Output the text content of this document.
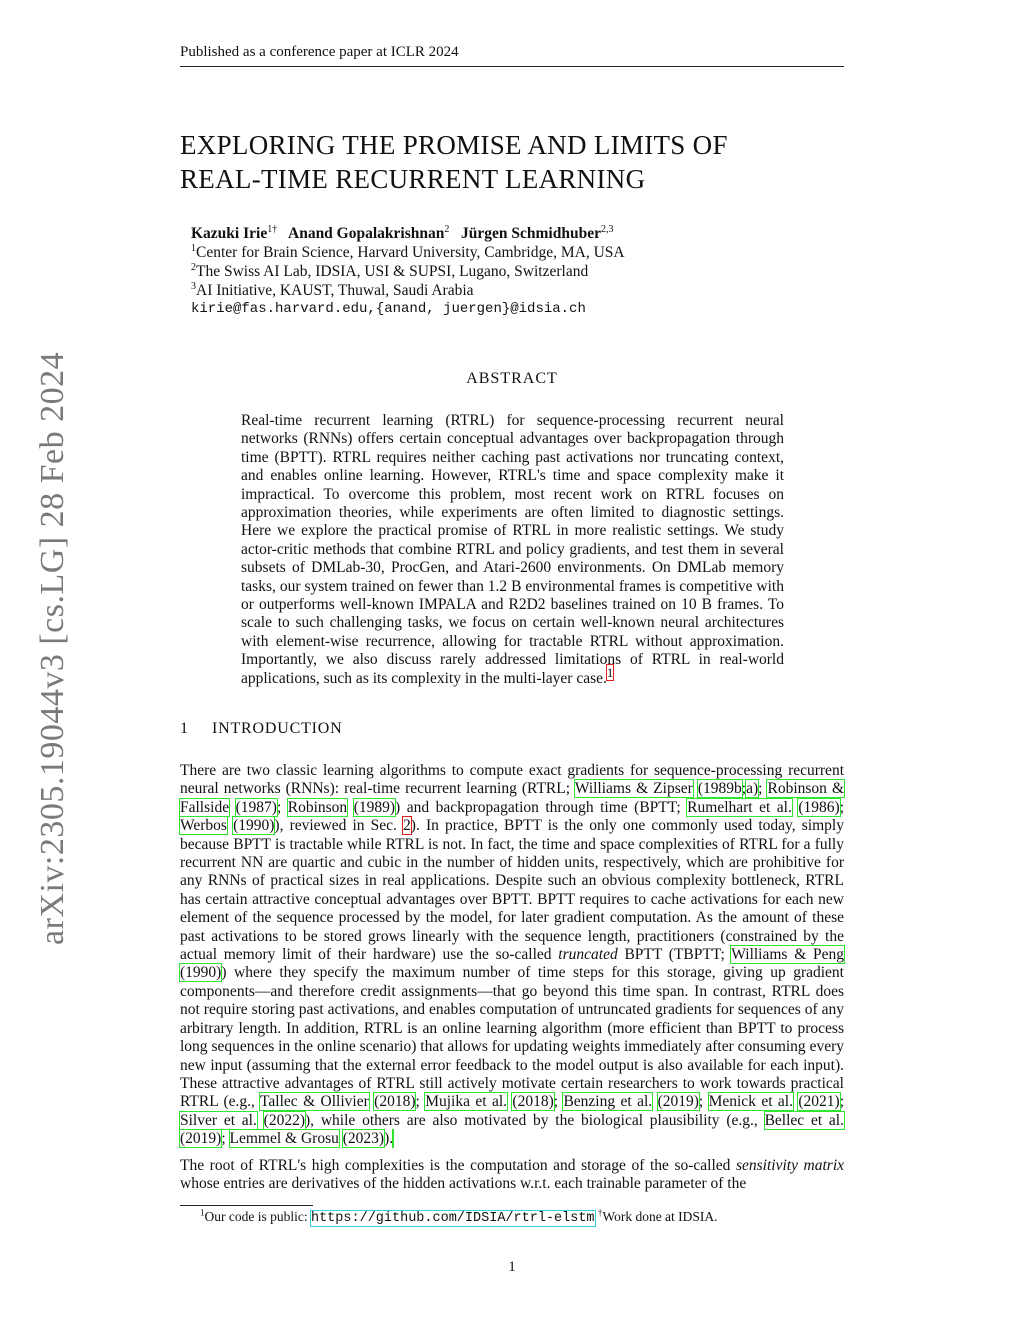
Published as a conference paper at ICLR 2024
arXiv:2305.19044v3 [cs.LG] 28 Feb 2024
EXPLORING THE PROMISE AND LIMITS OF
REAL-TIME RECURRENT LEARNING
Kazuki Irie$^{1\dagger}$ Anand Gopalakrishnan$^2$ Jürgen Schmidhuber$^{2,3}$
$^1$Center for Brain Science, Harvard University, Cambridge, MA, USA
$^2$The Swiss AI Lab, IDSIA, USI & SUPSI, Lugano, Switzerland
$^3$AI Initiative, KAUST, Thuwal, Saudi Arabia
kirie@fas.harvard.edu,{anand, juergen}@idsia.ch
ABSTRACT

Real-time recurrent learning (RTRL) for sequence-processing recurrent neural networks (RNNs) offers certain conceptual advantages over backpropagation through time (BPTT). RTRL requires neither caching past activations nor truncating context, and enables online learning. However, RTRL's time and space complexity make it impractical. To overcome this problem, most recent work on RTRL focuses on approximation theories, while experiments are often limited to diagnostic settings. Here we explore the practical promise of RTRL in more realistic settings. We study actor-critic methods that combine RTRL and policy gradients, and test them in several subsets of DMLab-30, ProcGen, and Atari-2600 environments. On DMLab memory tasks, our system trained on fewer than 1.2 B environmental frames is competitive with or outperforms well-known IMPALA and R2D2 baselines trained on 10 B frames. To scale to such challenging tasks, we focus on certain well-known neural architectures with element-wise recurrence, allowing for tractable RTRL without approximation. Importantly, we also discuss rarely addressed limitations of RTRL in real-world applications, such as its complexity in the multi-layer case.$^1$

1 INTRODUCTION

There are two classic learning algorithms to compute exact gradients for sequence-processing recurrent neural networks (RNNs): real-time recurrent learning (RTRL; Williams & Zipser (1989b;a); Robinson & Fallside (1987); Robinson (1989)) and backpropagation through time (BPTT; Rumelhart et al. (1986); Werbos (1990)), reviewed in Sec. 2). In practice, BPTT is the only one commonly used today, simply because BPTT is tractable while RTRL is not. In fact, the time and space complexities of RTRL for a fully recurrent NN are quartic and cubic in the number of hidden units, respectively, which are prohibitive for any RNNs of practical sizes in real applications. Despite such an obvious complexity bottleneck, RTRL has certain attractive conceptual advantages over BPTT. BPTT requires to cache activations for each new element of the sequence processed by the model, for later gradient computation. As the amount of these past activations to be stored grows linearly with the sequence length, practitioners (constrained by the actual memory limit of their hardware) use the so-called truncated BPTT (TBPTT; Williams & Peng (1990)) where they specify the maximum number of time steps for this storage, giving up gradient components—and therefore credit assignments—that go beyond this time span. In contrast, RTRL does not require storing past activations, and enables computation of untruncated gradients for sequences of any arbitrary length. In addition, RTRL is an online learning algorithm (more efficient than BPTT to process long sequences in the online scenario) that allows for updating weights immediately after consuming every new input (assuming that the external error feedback to the model output is also available for each input). These attractive advantages of RTRL still actively motivate certain researchers to work towards practical RTRL (e.g., Tallec & Ollivier (2018); Mujika et al. (2018); Benzing et al. (2019); Menick et al. (2021); Silver et al. (2022)), while others are also motivated by the biological plausibility (e.g., Bellec et al. (2019); Lemmel & Grosu (2023)).

The root of RTRL's high complexities is the computation and storage of the so-called sensitivity matrix whose entries are derivatives of the hidden activations w.r.t. each trainable parameter of the

$^1$Our code is public: https://github.com/IDSIA/rtrl-elstm †Work done at IDSIA.
1
